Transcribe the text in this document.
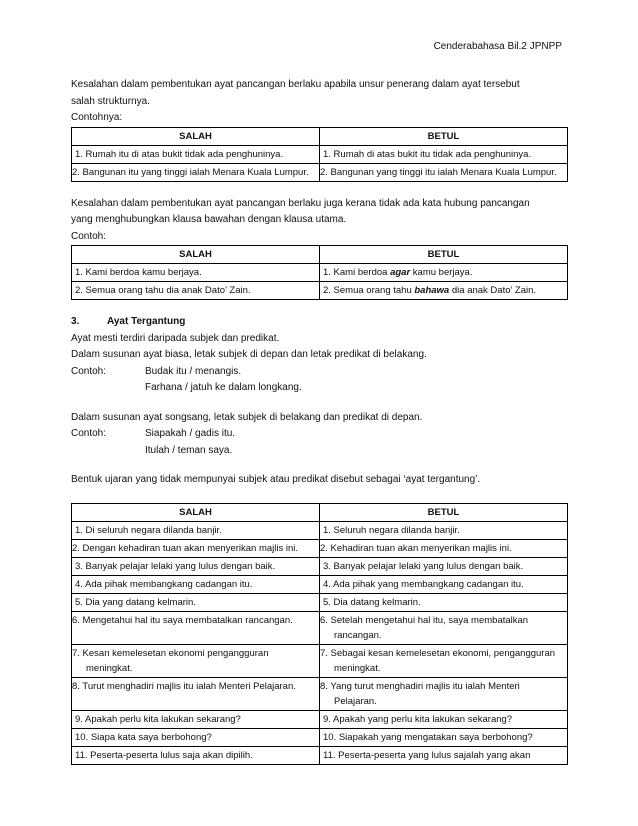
Cenderabahasa Bil.2 JPNPP

Kesalahan dalam pembentukan ayat pancangan berlaku apabila unsur penerang dalam ayat tersebut

salah strukturnya.

Contohnya:

SALAH	BETUL
1. Rumah itu di atas bukit tidak ada penghuninya.	1. Rumah di atas bukit itu tidak ada penghuninya.
2. Bangunan itu yang tinggi ialah Menara Kuala Lumpur.	2. Bangunan yang tinggi itu ialah Menara Kuala Lumpur.

Kesalahan dalam pembentukan ayat pancangan berlaku juga kerana tidak ada kata hubung pancangan

yang menghubungkan klausa bawahan dengan klausa utama.

Contoh:

SALAH	BETUL
1. Kami berdoa kamu berjaya.	1. Kami berdoa agar kamu berjaya.
2. Semua orang tahu dia anak Dato’ Zain.	2. Semua orang tahu bahawa dia anak Dato’ Zain.
3.	Ayat Tergantung

Ayat mesti terdiri daripada subjek dan predikat.

Dalam susunan ayat biasa, letak subjek di depan dan letak predikat di belakang.

Contoh:	Budak itu / menangis.

Farhana / jatuh ke dalam longkang.

Dalam susunan ayat songsang, letak subjek di belakang dan predikat di depan.

Contoh:	Siapakah / gadis itu.

Itulah / teman saya.

Bentuk ujaran yang tidak mempunyai subjek atau predikat disebut sebagai ‘ayat tergantung’.

SALAH	BETUL
1. Di seluruh negara dilanda banjir.	1. Seluruh negara dilanda banjir.
2. Dengan kehadiran tuan akan menyerikan majlis ini.	2. Kehadiran tuan akan menyerikan majlis ini.
3. Banyak pelajar lelaki yang lulus dengan baik.	3. Banyak pelajar lelaki yang lulus dengan baik.
4. Ada pihak membangkang cadangan itu.	4. Ada pihak yang membangkang cadangan itu.
5. Dia yang datang kelmarin.	5. Dia datang kelmarin.
6. Mengetahui hal itu saya membatalkan rancangan.	6. Setelah mengetahui hal itu, saya membatalkan rancangan.
7. Kesan kemelesetan ekonomi pengangguran meningkat.	7. Sebagai kesan kemelesetan ekonomi, pengangguran meningkat.
8. Turut menghadiri majlis itu ialah Menteri Pelajaran.	8. Yang turut menghadiri majlis itu ialah Menteri Pelajaran.
9. Apakah perlu kita lakukan sekarang?	9. Apakah yang perlu kita lakukan sekarang?
10. Siapa kata saya berbohong?	10. Siapakah yang mengatakan saya berbohong?
11. Peserta-peserta lulus saja akan dipilih.	11. Peserta-peserta yang lulus sajalah yang akan
